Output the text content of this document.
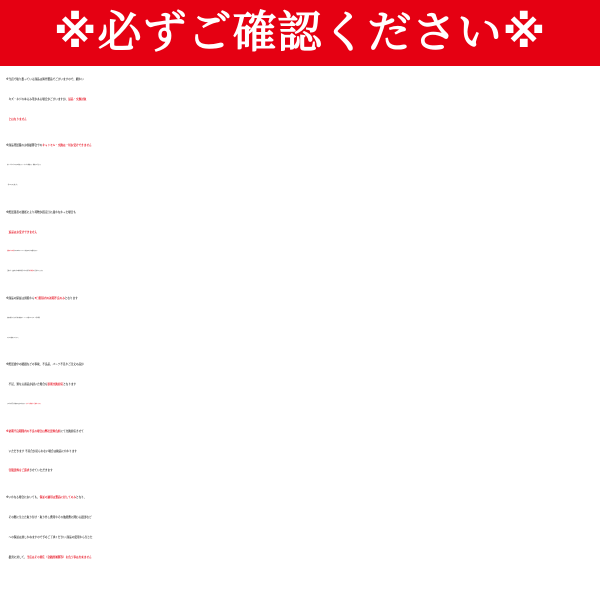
※必ずご確認ください※
※当店で取り扱っている商品は海外製品でございますので、細かい
　キズ・ネジのゆるみ等がある場合がございますが、返品・交換対象
　とはなりません
※商品発送後のお客様都合でのキャンセル・交換は一切お受けできません
　(例、いらなくなったので返品したい・サイズを間違えた・間違えて注文した
　・思ってたのと違う等)
※配送業者の遅延により荷物が指定日に届かなかった場合も
　返品はお受けできません
　(福岡からの発送ですのであすつくエリア以外は翌日には届きません 。
　長期不在・受取拒否等で荷物が返送になった場合は往復送料をご請求いたします)
※商品の保証は到着から7日間以内の初期不良のみとなります
　(商品が届いたら必ず中身を確認の上・パーツが揃っているか・正常に動作
　するかを確認して下さい)
※配送途中の破損などの事故、不良品、パーツ不足やご注文の品が
　不足、異なる商品が届いた場合も原則交換対応となります
　(いかなる場合も返品はお受けできません。必ず7日間以内にご連絡ください)
※初期不良期間内の不良の場合は弊社送料負担にて交換対応させて
　いただきます 不具合が見られない場合は検品にかかります
　往復送料をご請求させていただきます
※いかなる場合においても、保証の適用は製品に対してのみとなり、
　その際に生じた取り付け・取り外し費用やその他経費に関わる損害など
　への保証は致しかねますので予めご了承ください 商品の使用から生じた
　損害に対して、当店はその責任（金銭的補償等）を負う事は出来ません
